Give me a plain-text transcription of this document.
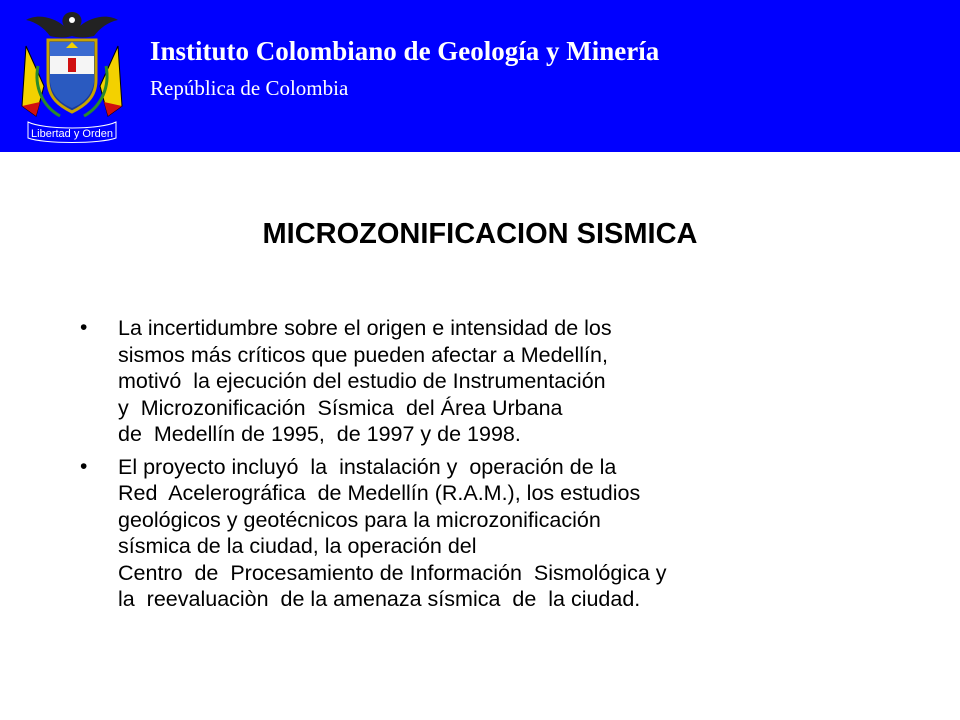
Libertad y Orden
Instituto Colombiano de Geología y Minería
República de Colombia
MICROZONIFICACION SISMICA
• La incertidumbre sobre el origen e intensidad de los
sismos más críticos que pueden afectar a Medellín,
motivó  la ejecución del estudio de Instrumentación
y  Microzonificación  Sísmica  del Área Urbana
de  Medellín de 1995,  de 1997 y de 1998.
• El proyecto incluyó  la  instalación y  operación de la
Red  Acelerográfica  de Medellín (R.A.M.), los estudios
geológicos y geotécnicos para la microzonificación
sísmica de la ciudad, la operación del
Centro  de  Procesamiento de Información  Sismológica y
la  reevaluaciòn  de la amenaza sísmica  de  la ciudad.
